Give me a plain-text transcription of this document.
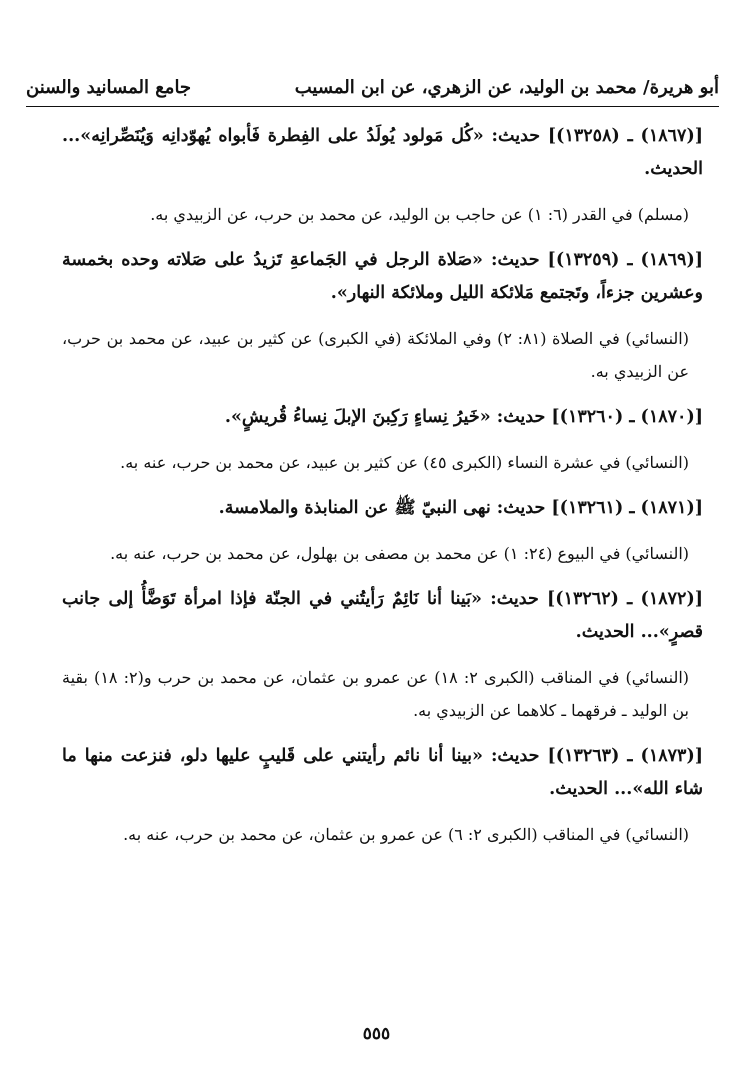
أبو هريرة/ محمد بن الوليد، عن الزهري، عن ابن المسيب
جامع المسانيد والسنن

[(١٨٦٧) ـ (١٣٢٥٨)] حديث: «كُل مَولود يُولَدُ على الفِطرة فَأبواه يُهوّدانِه وَيُنَصِّرانِه»... الحديث.

(مسلم) في القدر (٦: ١) عن حاجب بن الوليد، عن محمد بن حرب، عن الزبيدي به.

[(١٨٦٩) ـ (١٣٢٥٩)] حديث: «صَلاة الرجل في الجَماعةِ تَزيدُ على صَلاته وحده بخمسة وعشرين جزءاً، وتَجتمع مَلائكة الليل وملائكة النهار».

(النسائي) في الصلاة (٨١: ٢) وفي الملائكة (في الكبرى) عن كثير بن عبيد، عن محمد بن حرب، عن الزبيدي به.

[(١٨٧٠) ـ (١٣٢٦٠)] حديث: «خَيرُ نِساءٍ رَكِبنَ الإبلَ نِساءُ قُريشٍ».

(النسائي) في عشرة النساء (الكبرى ٤٥) عن كثير بن عبيد، عن محمد بن حرب، عنه به.

[(١٨٧١) ـ (١٣٢٦١)] حديث: نهى النبيّ ﷺ عن المنابذة والملامسة.

(النسائي) في البيوع (٢٤: ١) عن محمد بن مصفى بن بهلول، عن محمد بن حرب، عنه به.

[(١٨٧٢) ـ (١٣٢٦٢)] حديث: «بَينا أنا نَائِمٌ رَأيتُني في الجنّة فإذا امرأة تَوَضَّأُ إلى جانب قصرٍ»... الحديث.

(النسائي) في المناقب (الكبرى ٢: ١٨) عن عمرو بن عثمان، عن محمد بن حرب و(٢: ١٨) بقية بن الوليد ـ فرقهما ـ كلاهما عن الزبيدي به.

[(١٨٧٣) ـ (١٣٢٦٣)] حديث: «بينا أنا نائم رأيتني على قَليبٍ عليها دلو، فنزعت منها ما شاء الله»... الحديث.

(النسائي) في المناقب (الكبرى ٢: ٦) عن عمرو بن عثمان، عن محمد بن حرب، عنه به.

٥٥٥
